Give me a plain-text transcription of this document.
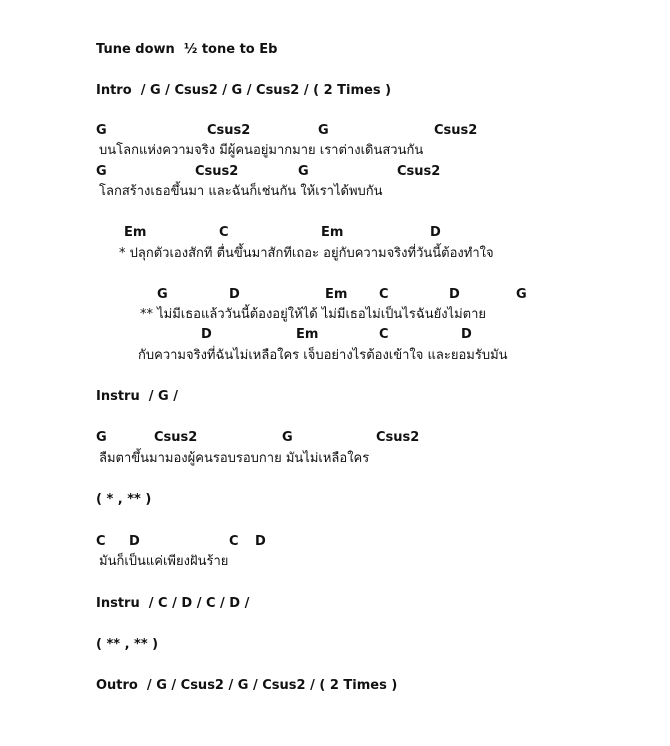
Tune down  ½ tone to Eb
Intro  / G / Csus2 / G / Csus2 / ( 2 Times )
G	Csus2	G	Csus2
บนโลกแห่งความจริง มีผู้คนอยู่มากมาย เราต่างเดินสวนกัน
G	Csus2	G	Csus2
โลกสร้างเธอขึ้นมา และฉันก็เช่นกัน ให้เราได้พบกัน
Em	C	Em	D
* ปลุกตัวเองสักที ตื่นขึ้นมาสักทีเถอะ อยู่กับความจริงที่วันนี้ต้องทำใจ
G	D	Em C	D	G
** ไม่มีเธอแล้ววันนี้ต้องอยู่ให้ได้ ไม่มีเธอไม่เป็นไรฉันยังไม่ตาย
D	Em	C	D
กับความจริงที่ฉันไม่เหลือใคร เจ็บอย่างไรต้องเข้าใจ และยอมรับมัน
Instru  / G /
G	Csus2	G	Csus2
ลืมตาขึ้นมามองผู้คนรอบรอบกาย มันไม่เหลือใคร
( * , ** )
C D	C D
มันก็เป็นแค่เพียงฝันร้าย
Instru  / C / D / C / D /
( ** , ** )
Outro  / G / Csus2 / G / Csus2 / ( 2 Times )
